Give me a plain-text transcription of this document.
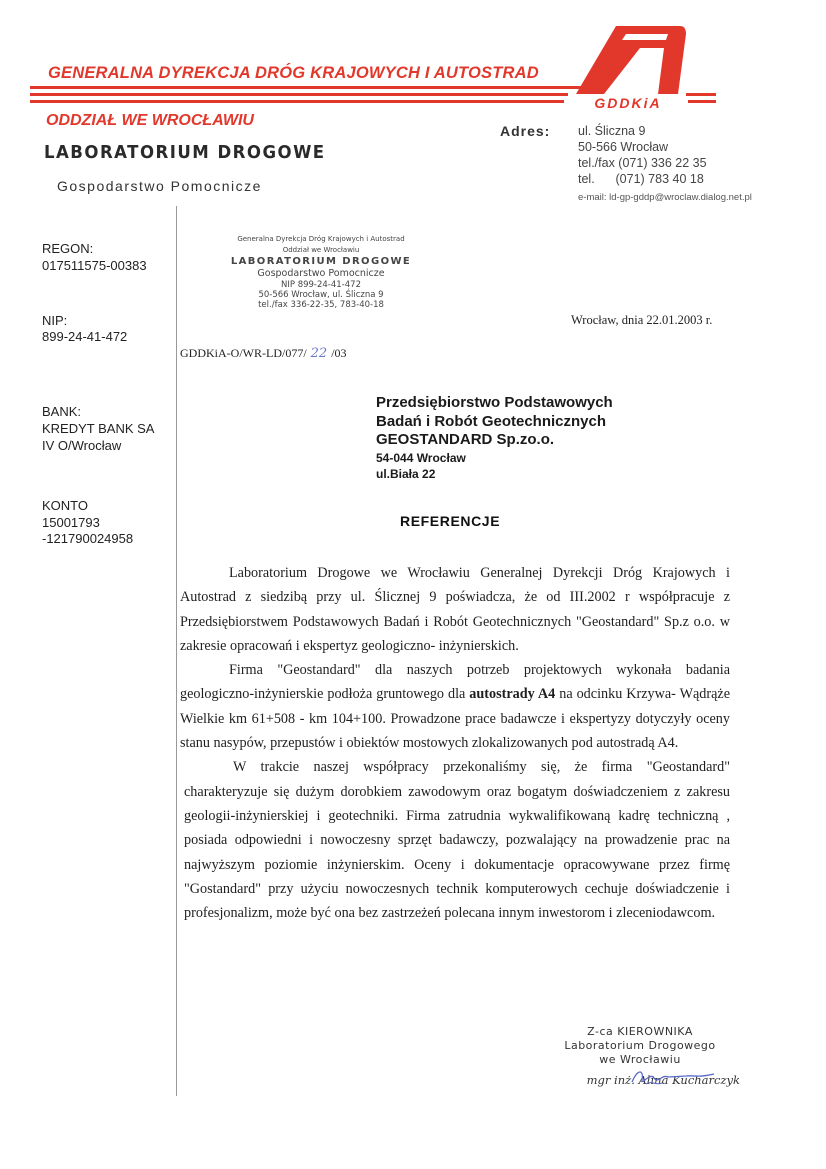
GENERALNA DYREKCJA DRÓG KRAJOWYCH I AUTOSTRAD
GDDKiA
ODDZIAŁ WE WROCŁAWIU
LABORATORIUM DROGOWE
Gospodarstwo Pomocnicze
Adres: ul. Śliczna 9
50-566 Wrocław
tel./fax (071) 336 22 35
tel.      (071) 783 40 18
e-mail: ld-gp-gddp@wroclaw.dialog.net.pl
REGON:
017511575-00383
NIP:
899-24-41-472
BANK:
KREDYT BANK SA
IV O/Wrocław
KONTO
15001793
-121790024958
Generalna Dyrekcja Dróg Krajowych i Autostrad
Oddział we Wrocławiu
LABORATORIUM DROGOWE
Gospodarstwo Pomocnicze
NIP 899-24-41-472
50-566 Wrocław, ul. Śliczna 9
tel./fax 336-22-35, 783-40-18
Wrocław, dnia 22.01.2003 r.
GDDKiA-O/WR-LD/077/ 22 /03
Przedsiębiorstwo Podstawowych
Badań i Robót Geotechnicznych
GEOSTANDARD Sp.zo.o.
54-044 Wrocław
ul.Biała 22
REFERENCJE

Laboratorium Drogowe we Wrocławiu Generalnej Dyrekcji Dróg Krajowych i Autostrad z siedzibą przy ul. Ślicznej 9 poświadcza, że od III.2002 r współpracuje z Przedsiębiorstwem Podstawowych Badań i Robót Geotechnicznych "Geostandard" Sp.z o.o. w zakresie opracowań i ekspertyz geologiczno- inżynierskich.

Firma "Geostandard" dla naszych potrzeb projektowych wykonała badania geologiczno-inżynierskie podłoża gruntowego dla autostrady A4 na odcinku Krzywa- Wądrąże Wielkie km 61+508 - km 104+100. Prowadzone prace badawcze i ekspertyzy dotyczyły oceny stanu nasypów, przepustów i obiektów mostowych zlokalizowanych pod autostradą A4.

W trakcie naszej współpracy przekonaliśmy się, że firma "Geostandard" charakteryzuje się dużym dorobkiem zawodowym oraz bogatym doświadczeniem z zakresu geologii-inżynierskiej i geotechniki. Firma zatrudnia wykwalifikowaną kadrę techniczną , posiada odpowiedni i nowoczesny sprzęt badawczy, pozwalający na prowadzenie prac na najwyższym poziomie inżynierskim. Oceny i dokumentacje opracowywane przez firmę "Gostandard" przy użyciu nowoczesnych technik komputerowych cechuje doświadczenie i profesjonalizm, może być ona bez zastrzeżeń polecana innym inwestorom i zleceniodawcom.

Z-ca KIEROWNIKA
Laboratorium Drogowego
we Wrocławiu
mgr inż. Alina Kucharczyk
